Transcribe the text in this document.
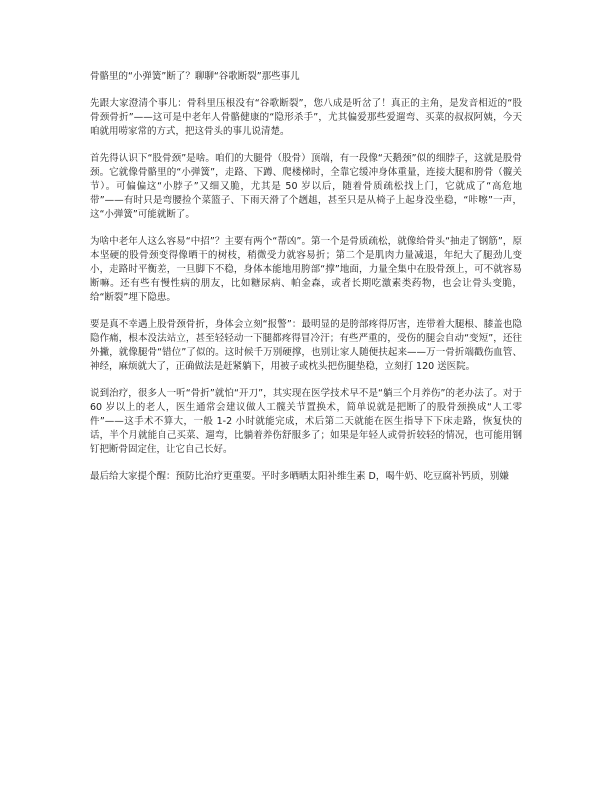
骨骼里的“小弹簧”断了？聊聊“谷歌断裂”那些事儿

先跟大家澄清个事儿：骨科里压根没有“谷歌断裂”，您八成是听岔了！真正的主角，是发音相近的“股骨颈骨折”——这可是中老年人骨骼健康的“隐形杀手”，尤其偏爱那些爱遛弯、买菜的叔叔阿姨，今天咱就用唠家常的方式，把这骨头的事儿说清楚。

首先得认识下“股骨颈”是啥。咱们的大腿骨（股骨）顶端，有一段像“天鹅颈”似的细脖子，这就是股骨颈。它就像骨骼里的“小弹簧”，走路、下蹲、爬楼梯时，全靠它缓冲身体重量，连接大腿和胯骨（髋关节）。可偏偏这“小脖子”又细又脆，尤其是 50 岁以后，随着骨质疏松找上门，它就成了“高危地带”——有时只是弯腰捡个菜篮子、下雨天滑了个趔趄，甚至只是从椅子上起身没坐稳，“咔嚓”一声，这“小弹簧”可能就断了。

为啥中老年人这么容易“中招”？主要有两个“帮凶”。第一个是骨质疏松，就像给骨头“抽走了钢筋”，原本坚硬的股骨颈变得像晒干的树枝，稍微受力就容易折；第二个是肌肉力量减退，年纪大了腿劲儿变小，走路时平衡差，一旦脚下不稳，身体本能地用胯部“撑”地面，力量全集中在股骨颈上，可不就容易断嘛。还有些有慢性病的朋友，比如糖尿病、帕金森，或者长期吃激素类药物，也会让骨头变脆，给“断裂”埋下隐患。

要是真不幸遇上股骨颈骨折，身体会立刻“报警”：最明显的是胯部疼得厉害，连带着大腿根、膝盖也隐隐作痛，根本没法站立，甚至轻轻动一下腿都疼得冒冷汗；有些严重的，受伤的腿会自动“变短”，还往外撇，就像腿骨“错位”了似的。这时候千万别硬撑，也别让家人随便扶起来——万一骨折端戳伤血管、神经，麻烦就大了，正确做法是赶紧躺下，用被子或枕头把伤腿垫稳，立刻打 120 送医院。

说到治疗，很多人一听“骨折”就怕“开刀”，其实现在医学技术早不是“躺三个月养伤”的老办法了。对于 60 岁以上的老人，医生通常会建议做人工髋关节置换术，简单说就是把断了的股骨颈换成“人工零件”——这手术不算大，一般 1-2 小时就能完成，术后第二天就能在医生指导下下床走路，恢复快的话，半个月就能自己买菜、遛弯，比躺着养伤舒服多了；如果是年轻人或骨折较轻的情况，也可能用钢钉把断骨固定住，让它自己长好。

最后给大家提个醒：预防比治疗更重要。平时多晒晒太阳补维生素 D，喝牛奶、吃豆腐补钙质，别嫌
